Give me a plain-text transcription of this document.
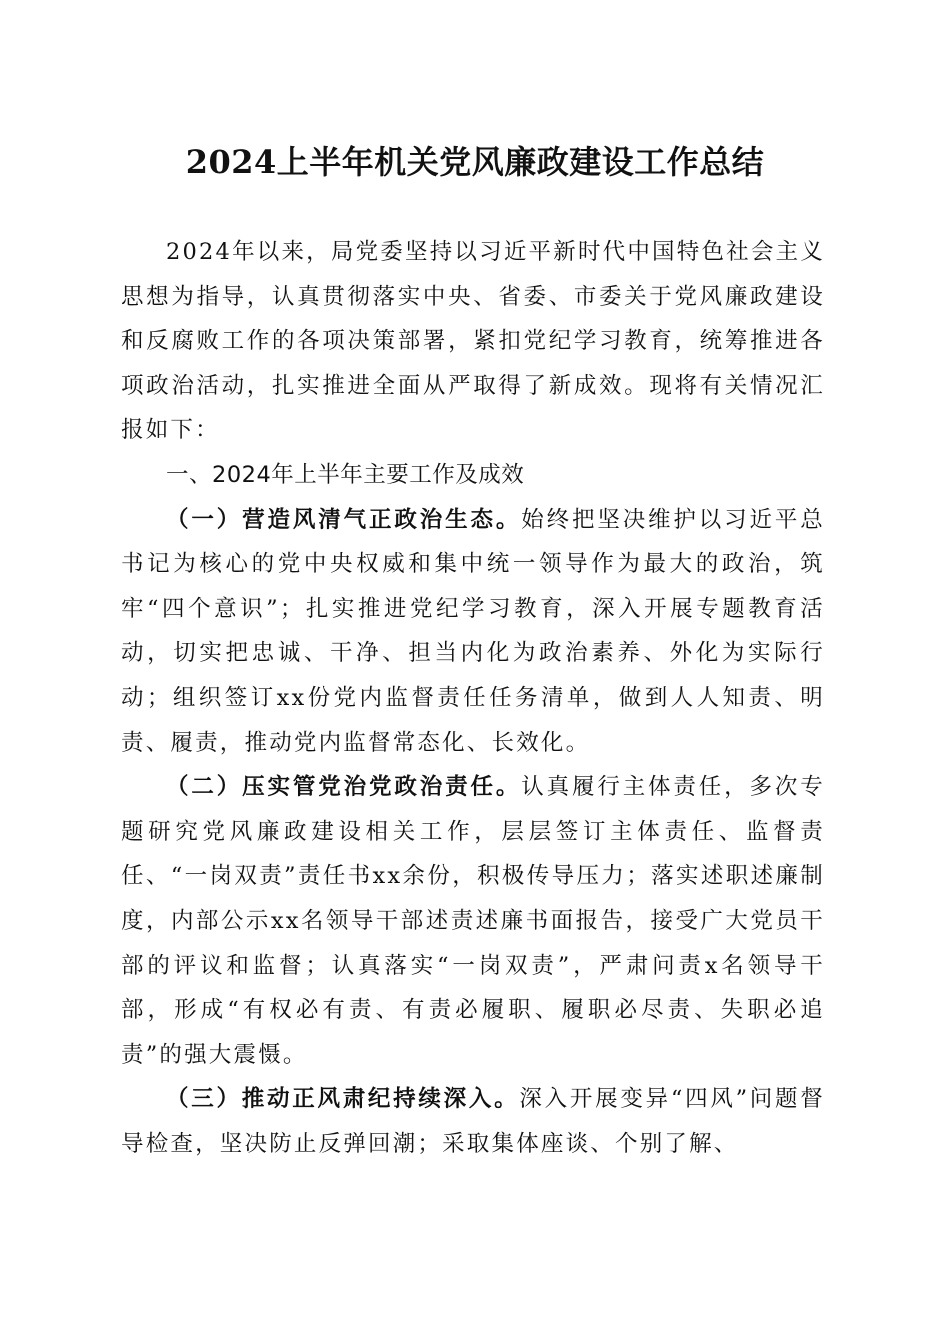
2024上半年机关党风廉政建设工作总结

2024年以来，局党委坚持以习近平新时代中国特色社会主义思想为指导，认真贯彻落实中央、省委、市委关于党风廉政建设和反腐败工作的各项决策部署，紧扣党纪学习教育，统筹推进各项政治活动，扎实推进全面从严取得了新成效。现将有关情况汇报如下：

一、2024年上半年主要工作及成效

（一）营造风清气正政治生态。始终把坚决维护以习近平总书记为核心的党中央权威和集中统一领导作为最大的政治，筑牢“四个意识”；扎实推进党纪学习教育，深入开展专题教育活动，切实把忠诚、干净、担当内化为政治素养、外化为实际行动；组织签订xx份党内监督责任任务清单，做到人人知责、明责、履责，推动党内监督常态化、长效化。

（二）压实管党治党政治责任。认真履行主体责任，多次专题研究党风廉政建设相关工作，层层签订主体责任、监督责任、“一岗双责”责任书xx余份，积极传导压力；落实述职述廉制度，内部公示xx名领导干部述责述廉书面报告，接受广大党员干部的评议和监督；认真落实“一岗双责”，严肃问责x名领导干部，形成“有权必有责、有责必履职、履职必尽责、失职必追责”的强大震慑。

（三）推动正风肃纪持续深入。深入开展变异“四风”问题督导检查，坚决防止反弹回潮；采取集体座谈、个别了解、
